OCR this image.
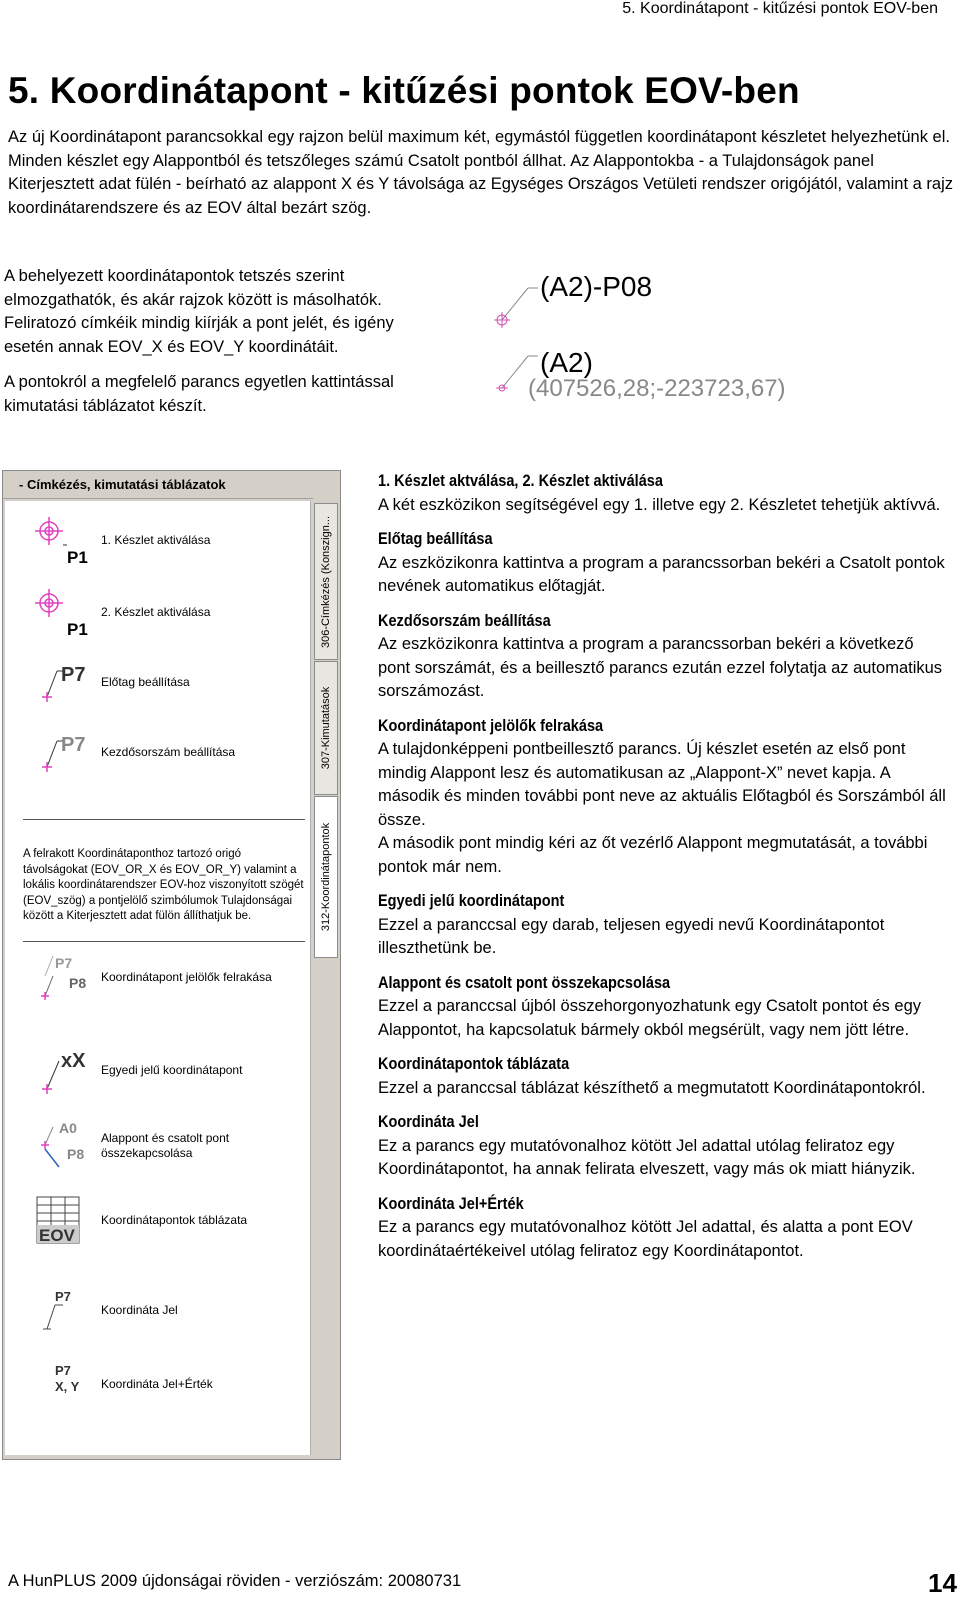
5. Koordinátapont - kitűzési pontok EOV-ben
5. Koordinátapont - kitűzési pontok EOV-ben

Az új Koordinátapont parancsokkal egy rajzon belül maximum két, egymástól független koordinátapont készletet helyezhetünk el. Minden készlet egy Alappontból és tetszőleges számú Csatolt pontból állhat. Az Alappontokba - a Tulajdonságok panel Kiterjesztett adat fülén - beírható az alappont X és Y távolsága az Egységes Országos Vetületi rendszer origójától, valamint a rajz koordinátarendszere és az EOV által bezárt szög.

A behelyezett koordinátapontok tetszés szerint elmozgathatók, és akár rajzok között is másolhatók. Feliratozó címkéik mindig kiírják a pont jelét, és igény esetén annak EOV_X és EOV_Y koordinátáit.

A pontokról a megfelelő parancs egyetlen kattintással kimutatási táblázatot készít.

(A2)-P08
(A2)
(407526,28;-223723,67)
- Címkézés, kimutatási táblázatok
P1
1. Készlet aktiválása
P1
2. Készlet aktiválása
P7 Előtag beállítása
P7 Kezdősorszám beállítása
A felrakott Koordinátaponthoz tartozó origó távolságokat (EOV_OR_X és EOV_OR_Y) valamint a lokális koordinátarendszer EOV-hoz viszonyított szögét (EOV_szög) a pontjelölő szimbólumok Tulajdonságai között a Kiterjesztett adat fülön állíthatjuk be.
P7
P8 Koordinátapont jelölők felrakása
xX Egyedi jelű koordinátapont
A0
P8
Alappont és csatolt pont összekapcsolása
EOV
Koordinátapontok táblázata
P7
Koordináta Jel
P7
X, Y Koordináta Jel+Érték
306-Címkézés (Konszign...
307-Kimutatások
312-Koordinátapontok
1. Készlet aktválása, 2. Készlet aktiválása
A két eszközikon segítségével egy 1. illetve egy 2. Készletet tehetjük aktívvá.
Előtag beállítása
Az eszközikonra kattintva a program a parancssorban bekéri a Csatolt pontok nevének automatikus előtagját.
Kezdősorszám beállítása
Az eszközikonra kattintva a program a parancssorban bekéri a következő pont sorszámát, és a beillesztő parancs ezután ezzel folytatja az automatikus sorszámozást.
Koordinátapont jelölők felrakása
A tulajdonképpeni pontbeillesztő parancs. Új készlet esetén az első pont mindig Alappont lesz és automatikusan az „Alappont-X” nevet kapja. A második és minden további pont neve az aktuális Előtagból és Sorszámból áll össze.
A második pont mindig kéri az őt vezérlő Alappont megmutatását, a további pontok már nem.
Egyedi jelű koordinátapont
Ezzel a paranccsal egy darab, teljesen egyedi nevű Koordinátapontot illeszthetünk be.
Alappont és csatolt pont összekapcsolása
Ezzel a paranccsal újból összehorgonyozhatunk egy Csatolt pontot és egy Alappontot, ha kapcsolatuk bármely okból megsérült, vagy nem jött létre.
Koordinátapontok táblázata
Ezzel a paranccsal táblázat készíthető a megmutatott Koordinátapontokról.
Koordináta Jel
Ez a parancs egy mutatóvonalhoz kötött Jel adattal utólag feliratoz egy Koordinátapontot, ha annak felirata elveszett, vagy más ok miatt hiányzik.
Koordináta Jel+Érték
Ez a parancs egy mutatóvonalhoz kötött Jel adattal, és alatta a pont EOV koordinátaértékeivel utólag feliratoz egy Koordinátapontot.
A HunPLUS 2009 újdonságai röviden - verziószám: 20080731	14
